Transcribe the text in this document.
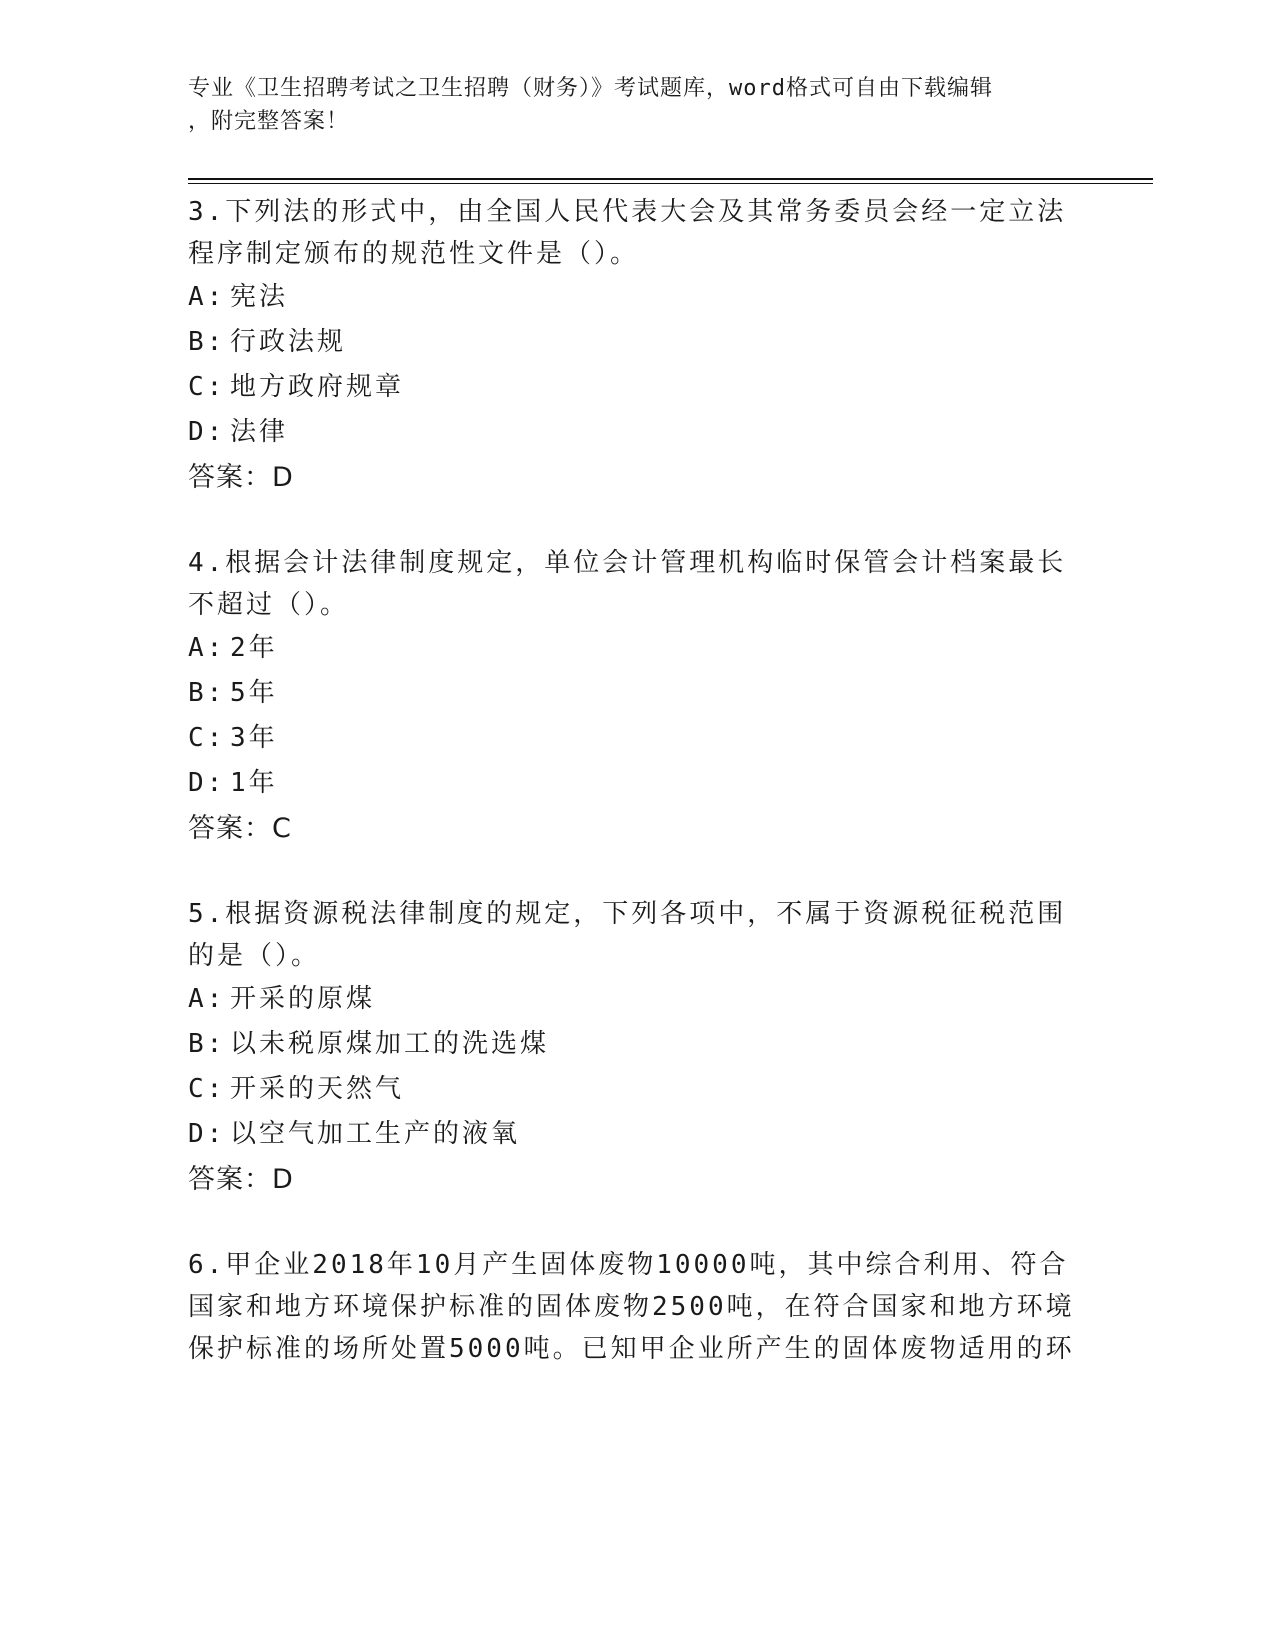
专业《卫生招聘考试之卫生招聘（财务）》考试题库，word格式可自由下载编辑
，附完整答案！

3.下列法的形式中，由全国人民代表大会及其常务委员会经一定立法

程序制定颁布的规范性文件是（）。

A: 宪法

B: 行政法规

C: 地方政府规章

D: 法律

答案：D

4.根据会计法律制度规定，单位会计管理机构临时保管会计档案最长

不超过（）。

A: 2年

B: 5年

C: 3年

D: 1年

答案：C

5.根据资源税法律制度的规定，下列各项中，不属于资源税征税范围

的是（）。

A: 开采的原煤

B: 以未税原煤加工的洗选煤

C: 开采的天然气

D: 以空气加工生产的液氧

答案：D

6.甲企业2018年10月产生固体废物10000吨，其中综合利用、符合

国家和地方环境保护标准的固体废物2500吨，在符合国家和地方环境

保护标准的场所处置5000吨。已知甲企业所产生的固体废物适用的环
